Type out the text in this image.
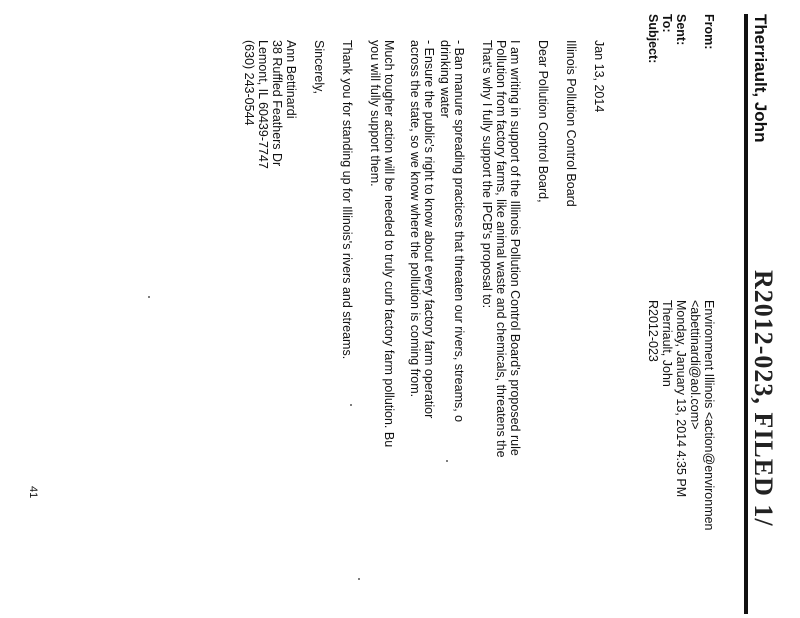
R2012-023, FILED 1/
Therriault, John
From:
Sent:
To:
Subject:
Environment Illinois <action@environmen
<abettinardi@aol.com>
Monday, January 13, 2014 4:35 PM
Therriault, John
R2012-023
Jan 13, 2014
Illinois Pollution Control Board
Dear Pollution Control Board,
I am writing in support of the Illinois Pollution Control Board's proposed rule
Pollution from factory farms, like animal waste and chemicals, threatens the
That's why I fully support the IPCB's proposal to:
- Ban manure spreading practices that threaten our rivers, streams, o
drinking water
- Ensure the public's right to know about every factory farm operatior
across the state, so we know where the pollution is coming from.
Much tougher action will be needed to truly curb factory farm pollution. Bu
you will fully support them.
Thank you for standing up for Illinois's rivers and streams.
Sincerely,
Ann Bettinardi
38 Ruffled Feathers Dr
Lemont, IL 60439-7747
(630) 243-0544
41
